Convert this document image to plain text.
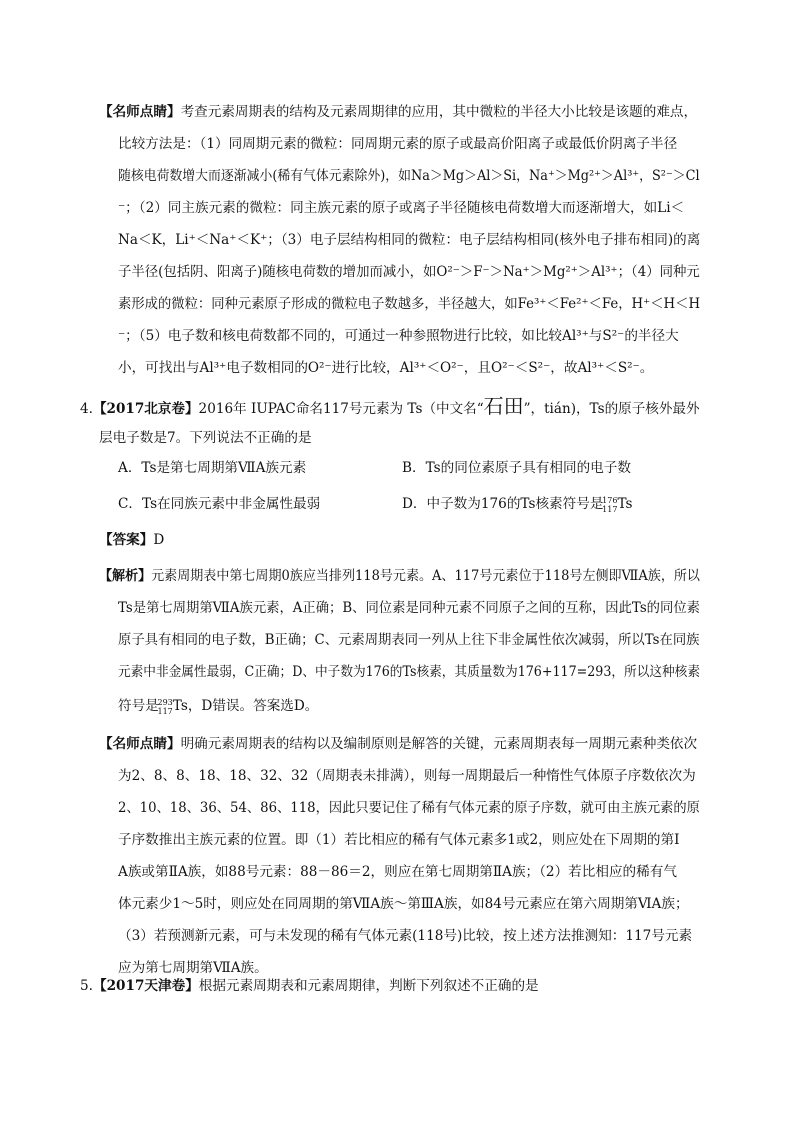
【名师点睛】考查元素周期表的结构及元素周期律的应用，其中微粒的半径大小比较是该题的难点，
比较方法是：（1）同周期元素的微粒：同周期元素的原子或最高价阳离子或最低价阴离子半径
随核电荷数增大而逐渐减小(稀有气体元素除外)，如Na＞Mg＞Al＞Si，Na⁺＞Mg²⁺＞Al³⁺，S²⁻＞Cl
⁻；（2）同主族元素的微粒：同主族元素的原子或离子半径随核电荷数增大而逐渐增大，如Li＜
Na＜K，Li⁺＜Na⁺＜K⁺；（3）电子层结构相同的微粒：电子层结构相同(核外电子排布相同)的离
子半径(包括阴、阳离子)随核电荷数的增加而减小，如O²⁻＞F⁻＞Na⁺＞Mg²⁺＞Al³⁺；（4）同种元
素形成的微粒：同种元素原子形成的微粒电子数越多，半径越大，如Fe³⁺＜Fe²⁺＜Fe，H⁺＜H＜H
⁻；（5）电子数和核电荷数都不同的，可通过一种参照物进行比较，如比较Al³⁺与S²⁻的半径大
小，可找出与Al³⁺电子数相同的O²⁻进行比较，Al³⁺＜O²⁻，且O²⁻＜S²⁻，故Al³⁺＜S²⁻。
4.【2017北京卷】2016年 IUPAC命名117号元素为 Ts（中文名“石田”，tián)，Ts的原子核外最外
层电子数是7。下列说法不正确的是
A．Ts是第七周期第ⅦA族元素	B．Ts的同位素原子具有相同的电子数
C．Ts在同族元素中非金属性最弱	D．中子数为176的Ts核素符号是
176
117 Ts
【答案】D
【解析】元素周期表中第七周期0族应当排列118号元素。A、117号元素位于118号左侧即ⅦA族，所以
Ts是第七周期第ⅦA族元素，A正确；B、同位素是同种元素不同原子之间的互称，因此Ts的同位素
原子具有相同的电子数，B正确；C、元素周期表同一列从上往下非金属性依次减弱，所以Ts在同族
元素中非金属性最弱，C正确；D、中子数为176的Ts核素，其质量数为176+117=293，所以这种核素
符号是
293
117 Ts，D错误。答案选D。
【名师点睛】明确元素周期表的结构以及编制原则是解答的关键，元素周期表每一周期元素种类依次
为2、8、8、18、18、32、32（周期表未排满），则每一周期最后一种惰性气体原子序数依次为
2、10、18、36、54、86、118，因此只要记住了稀有气体元素的原子序数，就可由主族元素的原
子序数推出主族元素的位置。即（1）若比相应的稀有气体元素多1或2，则应处在下周期的第Ⅰ
A族或第ⅡA族，如88号元素：88－86＝2，则应在第七周期第ⅡA族；（2）若比相应的稀有气
体元素少1～5时，则应处在同周期的第ⅦA族～第ⅢA族，如84号元素应在第六周期第ⅥA族；
（3）若预测新元素，可与未发现的稀有气体元素(118号)比较，按上述方法推测知：117号元素
应为第七周期第ⅦA族。
5.【2017天津卷】根据元素周期表和元素周期律，判断下列叙述不正确的是
